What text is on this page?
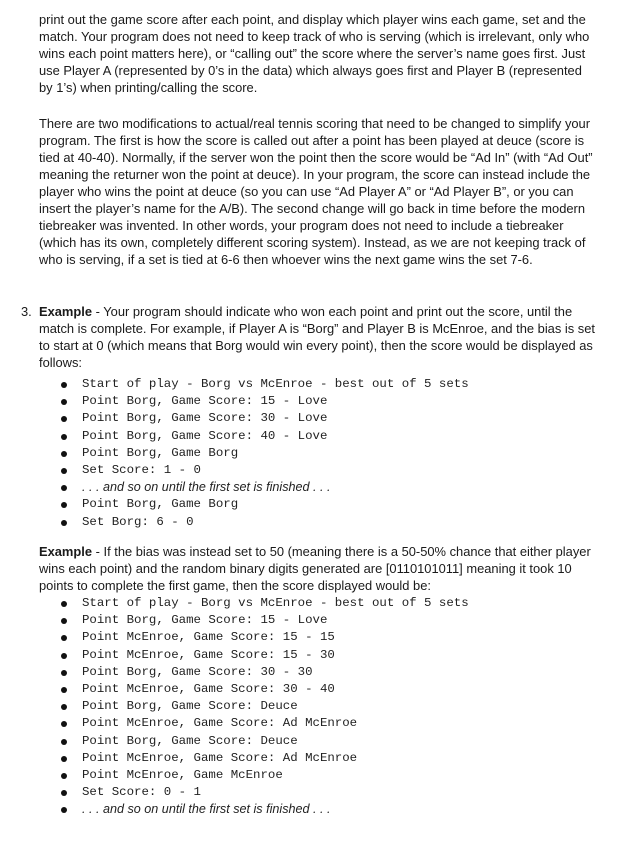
print out the game score after each point, and display which player wins each game, set and the match. Your program does not need to keep track of who is serving (which is irrelevant, only who wins each point matters here), or “calling out” the score where the server’s name goes first. Just use Player A (represented by 0’s in the data) which always goes first and Player B (represented by 1’s) when printing/calling the score.

There are two modifications to actual/real tennis scoring that need to be changed to simplify your program. The first is how the score is called out after a point has been played at deuce (score is tied at 40-40). Normally, if the server won the point then the score would be “Ad In” (with “Ad Out” meaning the returner won the point at deuce). In your program, the score can instead include the player who wins the point at deuce (so you can use “Ad Player A” or “Ad Player B”, or you can insert the player’s name for the A/B). The second change will go back in time before the modern tiebreaker was invented. In other words, your program does not need to include a tiebreaker (which has its own, completely different scoring system). Instead, as we are not keeping track of who is serving, if a set is tied at 6-6 then whoever wins the next game wins the set 7-6.

3. Example - Your program should indicate who won each point and print out the score, until the match is complete. For example, if Player A is “Borg” and Player B is McEnroe, and the bias is set to start at 0 (which means that Borg would win every point), then the score would be displayed as follows:

Start of play - Borg vs McEnroe - best out of 5 sets
Point Borg, Game Score: 15 - Love
Point Borg, Game Score: 30 - Love
Point Borg, Game Score: 40 - Love
Point Borg, Game Borg
Set Score: 1 - 0
. . . and so on until the first set is finished . . .
Point Borg, Game Borg
Set Borg: 6 - 0

Example - If the bias was instead set to 50 (meaning there is a 50-50% chance that either player wins each point) and the random binary digits generated are [0110101011] meaning it took 10 points to complete the first game, then the score displayed would be:

Start of play - Borg vs McEnroe - best out of 5 sets
Point Borg, Game Score: 15 - Love
Point McEnroe, Game Score: 15 - 15
Point McEnroe, Game Score: 15 - 30
Point Borg, Game Score: 30 - 30
Point McEnroe, Game Score: 30 - 40
Point Borg, Game Score: Deuce
Point McEnroe, Game Score: Ad McEnroe
Point Borg, Game Score: Deuce
Point McEnroe, Game Score: Ad McEnroe
Point McEnroe, Game McEnroe
Set Score: 0 - 1
. . . and so on until the first set is finished . . .
